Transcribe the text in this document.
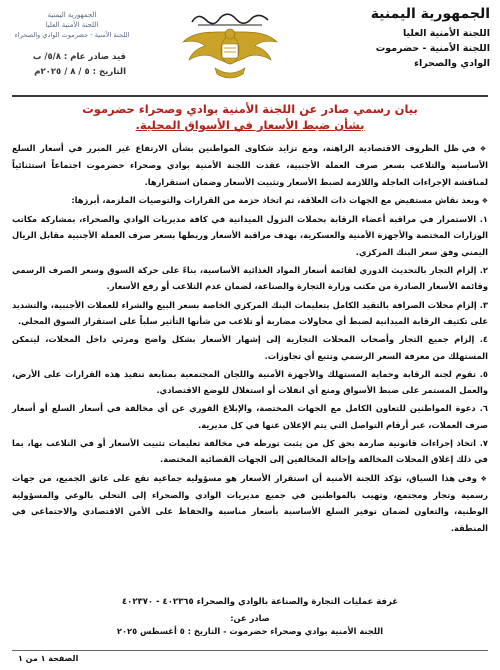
الجمهورية اليمنية
اللجنة الأمنية العليا
اللجنة الأمنية - حضرموت
الوادي والصحراء
الجمهورية اليمنية
اللجنة الأمنية العليا
اللجنة الأمنية - حضرموت الوادي والصحراء
قيد صادر عام : ٥/٨/ ب
التاريخ : ٥ / ٨ / ٢٠٢٥م
بيان رسمي صادر عن اللجنة الأمنية بوادي وصحراء حضرموت
بشأن ضبط الأسعار في الأسواق المحلية.

❖ في ظل الظروف الاقتصادية الراهنة، ومع تزايد شكاوى المواطنين بشأن الارتفاع غير المبرر في أسعار السلع الأساسية والتلاعب بسعر صرف العملة الأجنبية، عقدت اللجنة الأمنية بوادي وصحراء حضرموت اجتماعاً استثنائياً لمناقشة الإجراءات العاجلة واللازمة لضبط الأسعار وتثبيت الأسعار وضمان استقرارها.

❖ وبعد نقاش مستفيض مع الجهات ذات العلاقة، تم اتخاذ حزمة من القرارات والتوصيات الملزمة، أبرزها:

١. الاستمرار في مراقبة أعضاء الرقابة بحملات النزول الميدانية في كافة مديريات الوادي والصحراء، بمشاركة مكاتب الوزارات المختصة والأجهزة الأمنية والعسكرية، بهدف مراقبة الأسعار وربطها بسعر صرف العملة الأجنبية مقابل الريال اليمني وفق سعر البنك المركزي.

٢. إلزام التجار بالتحديث الدوري لقائمة أسعار المواد الغذائية الأساسية، بناءً على حركة السوق وسعر الصرف الرسمي وقائمة الأسعار الصادرة من مكتب وزارة التجارة والصناعة، لضمان عدم التلاعب أو رفع الأسعار.

٣. إلزام محلات الصرافة بالتقيد الكامل بتعليمات البنك المركزي الخاصة بسعر البيع والشراء للعملات الأجنبية، والتشديد على تكثيف الرقابة الميدانية لضبط أي محاولات مضاربة أو تلاعب من شأنها التأثير سلباً على استقرار السوق المحلي.

٤. إلزام جميع التجار وأصحاب المحلات التجارية إلى إشهار الأسعار بشكل واضح ومرئي داخل المحلات، ليتمكن المستهلك من معرفة السعر الرسمي وتتبع أي تجاوزات.

٥. تقوم لجنة الرقابة وحماية المستهلك والأجهزة الأمنية واللجان المجتمعية بمتابعة تنفيذ هذه القرارات على الأرض، والعمل المستمر على ضبط الأسواق ومنع أي انفلات أو استغلال للوضع الاقتصادي.

٦. دعوة المواطنين للتعاون الكامل مع الجهات المختصة، والإبلاغ الفوري عن أي مخالفة في أسعار السلع أو أسعار صرف العملات، عبر أرقام التواصل التي يتم الإعلان عنها في كل مديرية.

٧. اتخاذ إجراءات قانونية صارمة بحق كل من يثبت تورطه في مخالفة تعليمات تثبيت الأسعار أو في التلاعب بها، بما في ذلك إغلاق المحلات المخالفة وإحالة المخالفين إلى الجهات القضائية المختصة.

❖ وفي هذا السياق، تؤكد اللجنة الأمنية أن استقرار الأسعار هو مسؤولية جماعية تقع على عاتق الجميع، من جهات رسمية وتجار ومجتمع، وتهيب بالمواطنين في جميع مديريات الوادي والصحراء إلى التحلي بالوعي والمسؤولية الوطنية، والتعاون لضمان توفير السلع الأساسية بأسعار مناسبة والحفاظ على الأمن الاقتصادي والاجتماعي في المنطقة.

غرفة عمليات التجارة والصناعة بالوادي والصحراء ٤٠٢٣٦٥ - ٤٠٢٣٧٠
صادر عن:
اللجنة الأمنية بوادي وصحراء حضرموت - التاريخ : ٥ أغسطس ٢٠٢٥
الصفحة ١ من ١
